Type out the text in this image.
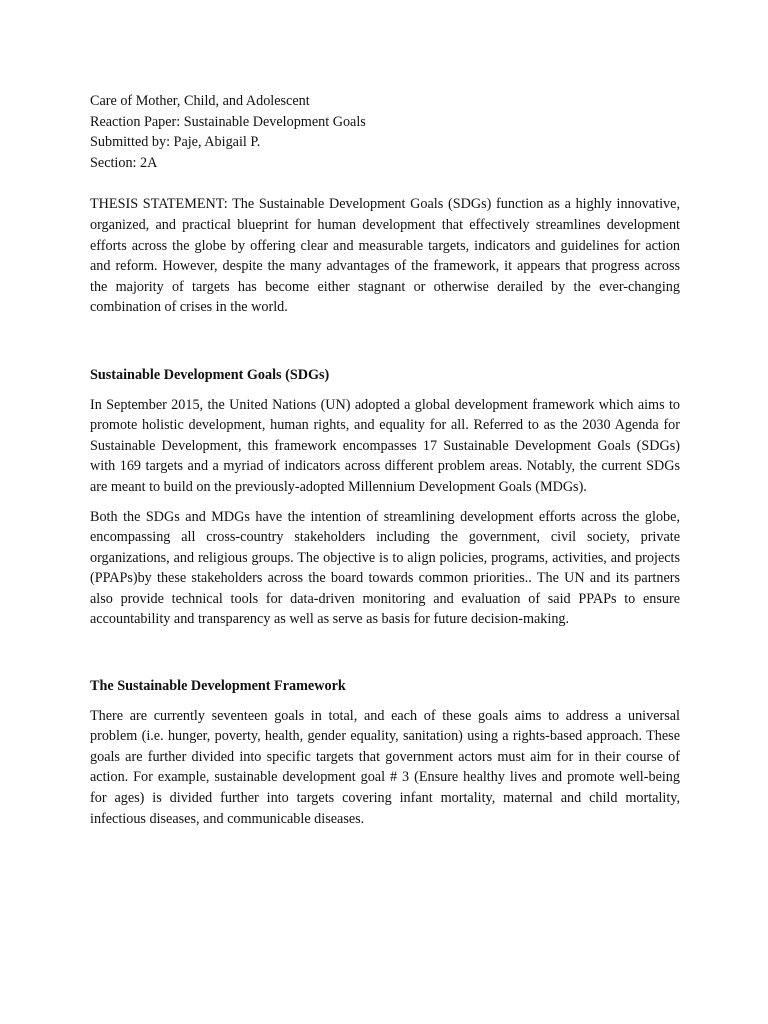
Care of Mother, Child, and Adolescent

Reaction Paper: Sustainable Development Goals

Submitted by: Paje, Abigail P.

Section: 2A

THESIS STATEMENT: The Sustainable Development Goals (SDGs) function as a highly innovative, organized, and practical blueprint for human development that effectively streamlines development efforts across the globe by offering clear and measurable targets, indicators and guidelines for action and reform. However, despite the many advantages of the framework, it appears that progress across the majority of targets has become either stagnant or otherwise derailed by the ever-changing combination of crises in the world.

Sustainable Development Goals (SDGs)

In September 2015, the United Nations (UN) adopted a global development framework which aims to promote holistic development, human rights, and equality for all. Referred to as the 2030 Agenda for Sustainable Development, this framework encompasses 17 Sustainable Development Goals (SDGs) with 169 targets and a myriad of indicators across different problem areas. Notably, the current SDGs are meant to build on the previously-adopted Millennium Development Goals (MDGs).

Both the SDGs and MDGs have the intention of streamlining development efforts across the globe, encompassing all cross-country stakeholders including the government, civil society, private organizations, and religious groups. The objective is to align policies, programs, activities, and projects (PPAPs)by these stakeholders across the board towards common priorities.. The UN and its partners also provide technical tools for data-driven monitoring and evaluation of said PPAPs to ensure accountability and transparency as well as serve as basis for future decision-making.

The Sustainable Development Framework

There are currently seventeen goals in total, and each of these goals aims to address a universal problem (i.e. hunger, poverty, health, gender equality, sanitation) using a rights-based approach. These goals are further divided into specific targets that government actors must aim for in their course of action. For example, sustainable development goal # 3 (Ensure healthy lives and promote well-being for ages) is divided further into targets covering infant mortality, maternal and child mortality, infectious diseases, and communicable diseases.
